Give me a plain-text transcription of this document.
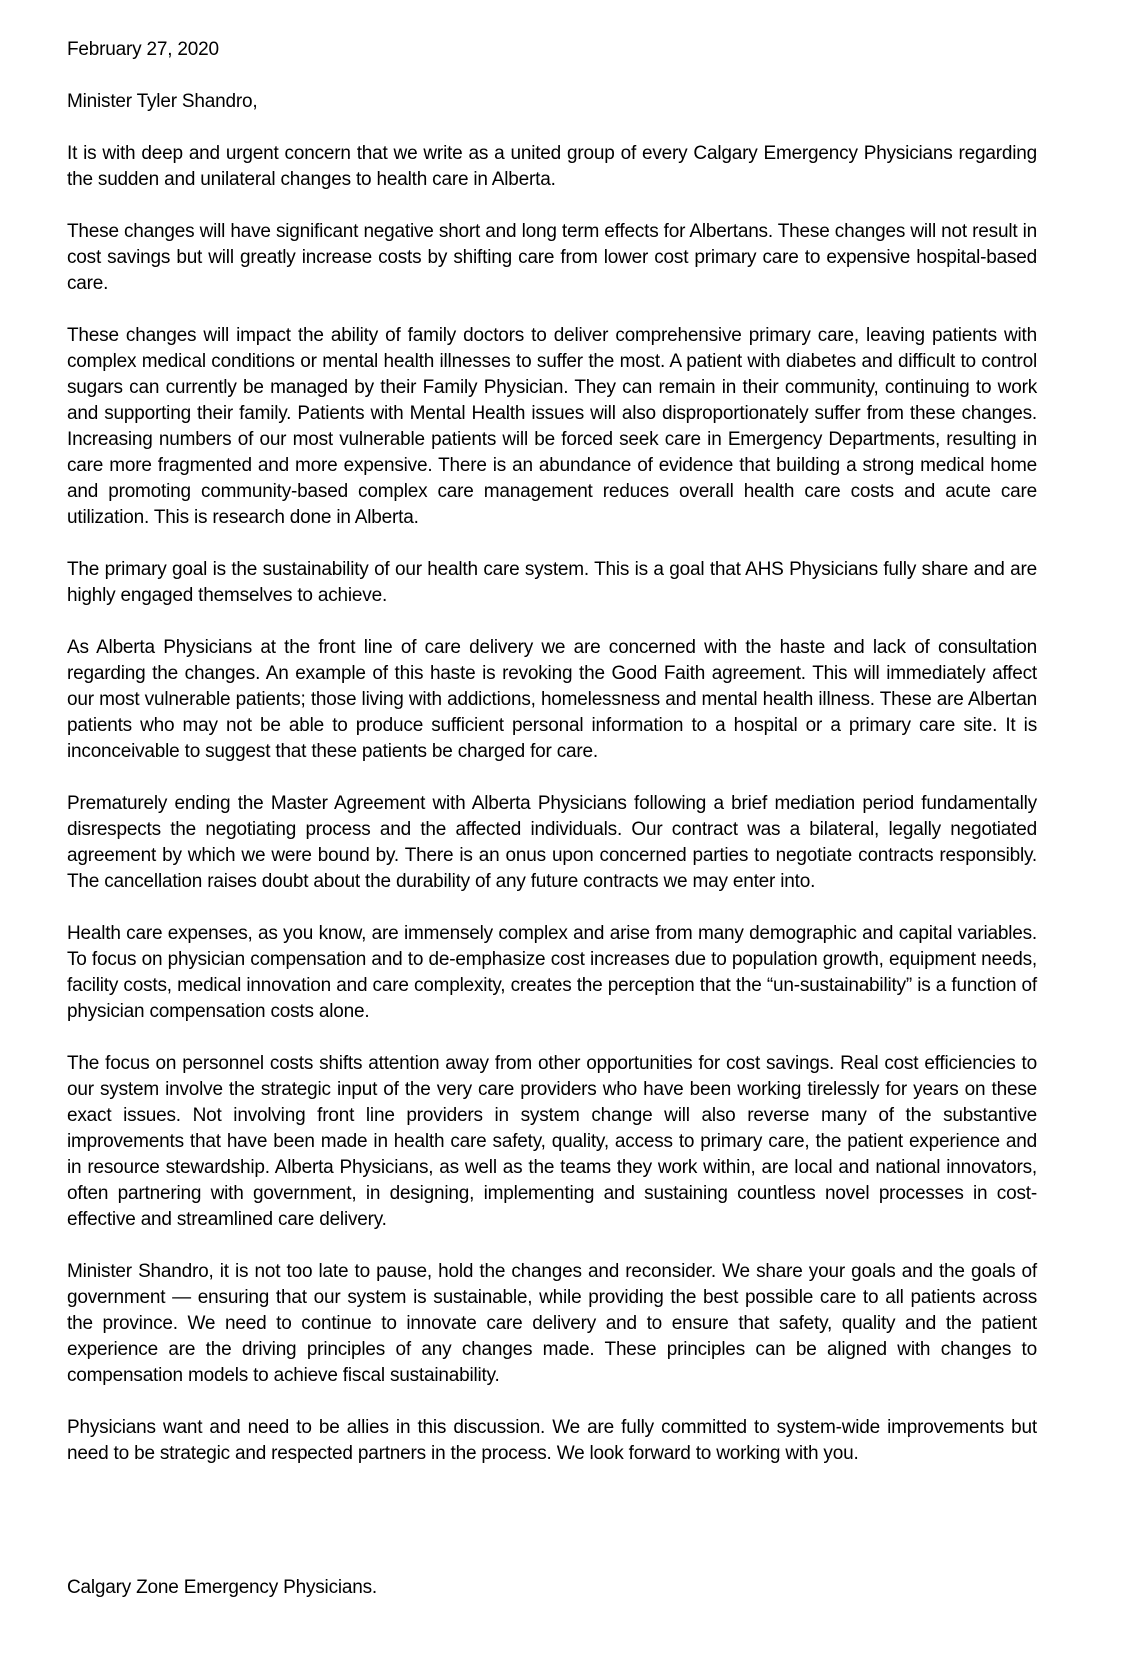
February 27, 2020

Minister Tyler Shandro,

It is with deep and urgent concern that we write as a united group of every Calgary Emergency Physicians regarding the sudden and unilateral changes to health care in Alberta.

These changes will have significant negative short and long term effects for Albertans. These changes will not result in cost savings but will greatly increase costs by shifting care from lower cost primary care to expensive hospital-based care.

These changes will impact the ability of family doctors to deliver comprehensive primary care, leaving patients with complex medical conditions or mental health illnesses to suffer the most. A patient with diabetes and difficult to control sugars can currently be managed by their Family Physician. They can remain in their community, continuing to work and supporting their family. Patients with Mental Health issues will also disproportionately suffer from these changes. Increasing numbers of our most vulnerable patients will be forced seek care in Emergency Departments, resulting in care more fragmented and more expensive. There is an abundance of evidence that building a strong medical home and promoting community-based complex care management reduces overall health care costs and acute care utilization. This is research done in Alberta.

The primary goal is the sustainability of our health care system. This is a goal that AHS Physicians fully share and are highly engaged themselves to achieve.

As Alberta Physicians at the front line of care delivery we are concerned with the haste and lack of consultation regarding the changes. An example of this haste is revoking the Good Faith agreement. This will immediately affect our most vulnerable patients; those living with addictions, homelessness and mental health illness. These are Albertan patients who may not be able to produce sufficient personal information to a hospital or a primary care site. It is inconceivable to suggest that these patients be charged for care.

Prematurely ending the Master Agreement with Alberta Physicians following a brief mediation period fundamentally disrespects the negotiating process and the affected individuals. Our contract was a bilateral, legally negotiated agreement by which we were bound by. There is an onus upon concerned parties to negotiate contracts responsibly. The cancellation raises doubt about the durability of any future contracts we may enter into.

Health care expenses, as you know, are immensely complex and arise from many demographic and capital variables. To focus on physician compensation and to de-emphasize cost increases due to population growth, equipment needs, facility costs, medical innovation and care complexity, creates the perception that the “un-sustainability” is a function of physician compensation costs alone.

The focus on personnel costs shifts attention away from other opportunities for cost savings. Real cost efficiencies to our system involve the strategic input of the very care providers who have been working tirelessly for years on these exact issues. Not involving front line providers in system change will also reverse many of the substantive improvements that have been made in health care safety, quality, access to primary care, the patient experience and in resource stewardship. Alberta Physicians, as well as the teams they work within, are local and national innovators, often partnering with government, in designing, implementing and sustaining countless novel processes in cost-effective and streamlined care delivery.

Minister Shandro, it is not too late to pause, hold the changes and reconsider. We share your goals and the goals of government — ensuring that our system is sustainable, while providing the best possible care to all patients across the province. We need to continue to innovate care delivery and to ensure that safety, quality and the patient experience are the driving principles of any changes made. These principles can be aligned with changes to compensation models to achieve fiscal sustainability.

Physicians want and need to be allies in this discussion. We are fully committed to system-wide improvements but need to be strategic and respected partners in the process. We look forward to working with you.

Calgary Zone Emergency Physicians.
